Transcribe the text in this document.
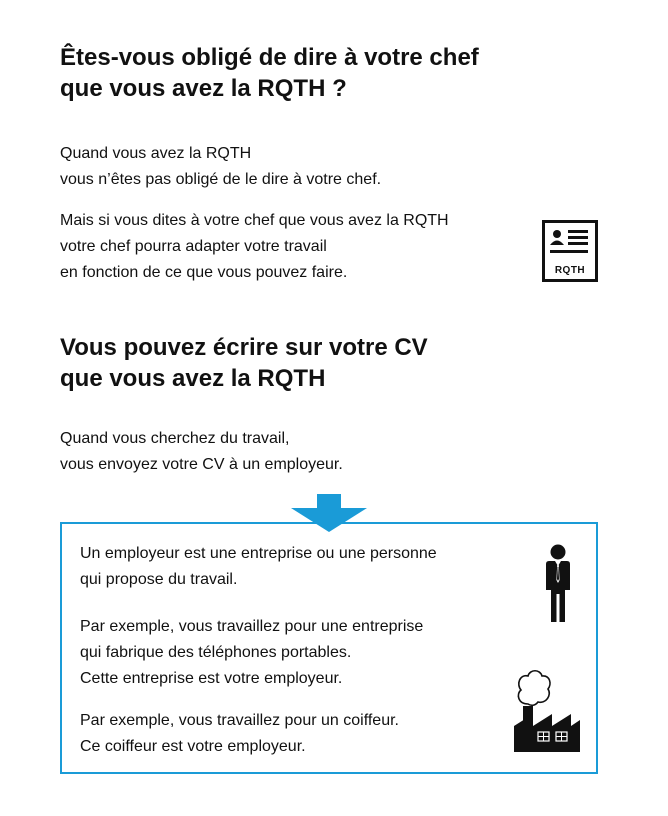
Êtes-vous obligé de dire à votre chef
que vous avez la RQTH ?

Quand vous avez la RQTH
vous n’êtes pas obligé de le dire à votre chef.

Mais si vous dites à votre chef que vous avez la RQTH
votre chef pourra adapter votre travail
en fonction de ce que vous pouvez faire.	RQTH
Vous pouvez écrire sur votre CV
que vous avez la RQTH

Quand vous cherchez du travail,
vous envoyez votre CV à un employeur.

Un employeur est une entreprise ou une personne
qui propose du travail.

Par exemple, vous travaillez pour une entreprise
qui fabrique des téléphones portables.
Cette entreprise est votre employeur.

Par exemple, vous travaillez pour un coiffeur.
Ce coiffeur est votre employeur.
